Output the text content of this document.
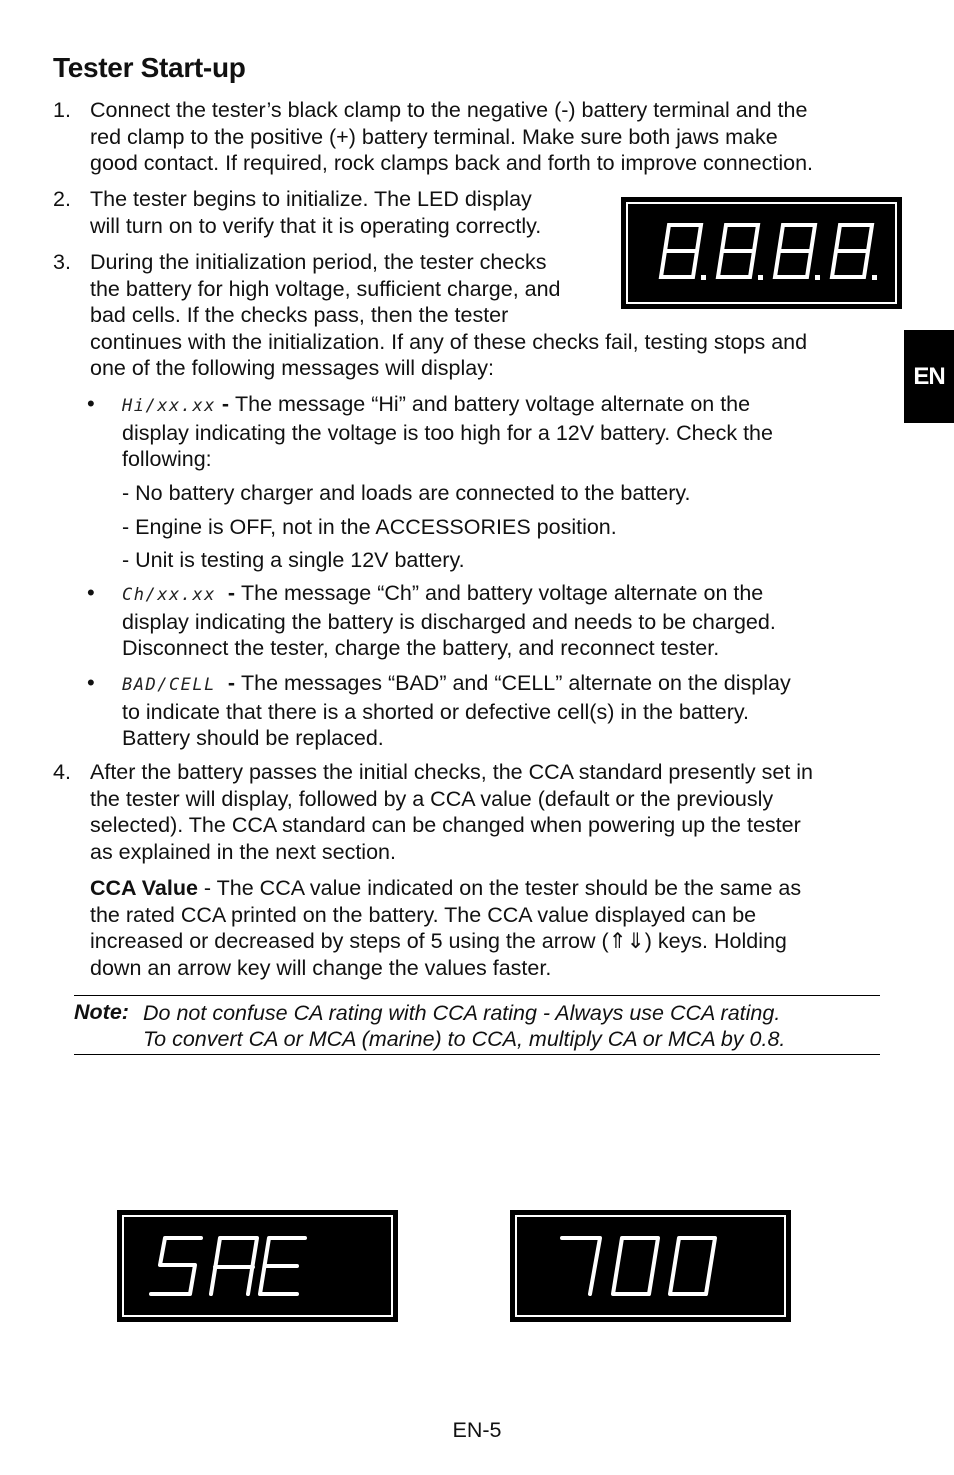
Tester Start-up
1. Connect the tester’s black clamp to the negative (-) battery terminal and the
red clamp to the positive (+) battery terminal. Make sure both jaws make
good contact. If required, rock clamps back and forth to improve connection.
2. The tester begins to initialize. The LED display
will turn on to verify that it is operating correctly.
3. During the initialization period, the tester checks
the battery for high voltage, sufficient charge, and
bad cells. If the checks pass, then the tester
continues with the initialization. If any of these checks fail, testing stops and
one of the following messages will display:	EN
• Hi/xx.xx - The message “Hi” and battery voltage alternate on the
display indicating the voltage is too high for a 12V battery. Check the
following:
- No battery charger and loads are connected to the battery.
- Engine is OFF, not in the ACCESSORIES position.
- Unit is testing a single 12V battery.
• Ch/xx.xx  - The message “Ch” and battery voltage alternate on the
display indicating the battery is discharged and needs to be charged.
Disconnect the tester, charge the battery, and reconnect tester.
• BAD/CELL  - The messages “BAD” and “CELL” alternate on the display
to indicate that there is a shorted or defective cell(s) in the battery.
Battery should be replaced.
4. After the battery passes the initial checks, the CCA standard presently set in
the tester will display, followed by a CCA value (default or the previously
selected). The CCA standard can be changed when powering up the tester
as explained in the next section.
CCA Value - The CCA value indicated on the tester should be the same as
the rated CCA printed on the battery. The CCA value displayed can be
increased or decreased by steps of 5 using the arrow (⇑⇓) keys. Holding
down an arrow key will change the values faster.
Note: Do not confuse CA rating with CCA rating - Always use CCA rating.
To convert CA or MCA (marine) to CCA, multiply CA or MCA by 0.8.
EN-5
